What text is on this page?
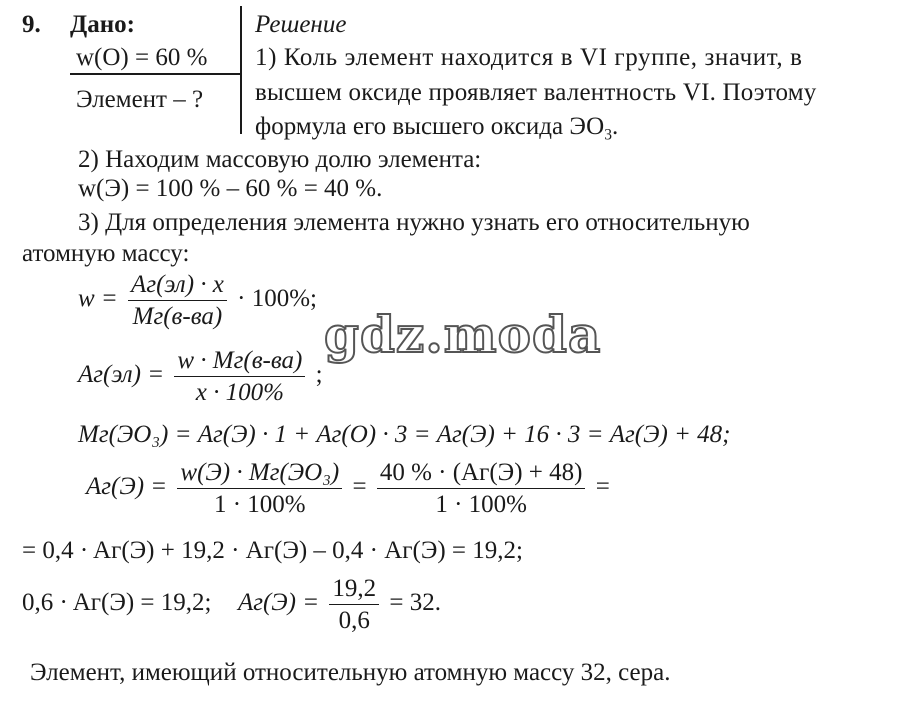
9. Дано:
w(O) = 60 %
Элемент – ?
Решение
1) Коль элемент находится в VI группе, значит, в
высшем оксиде проявляет валентность VI. Поэтому
формула его высшего оксида $ЭО_3$.
2) Находим массовую долю элемента:
w(Э) = 100 % – 60 % = 40 %.
3) Для определения элемента нужно узнать его относительную
атомную массу:
$w = \frac{Aг(эл) \cdot x}{Mг(в-ва)} \cdot 100\%$;
$Aг(эл) = \frac{w \cdot Mг(в-ва)}{x \cdot 100\%}$ ;
Mг(ЭО₃) = Aг(Э) · 1 + Aг(О) · 3 = Aг(Э) + 16 · 3 = Aг(Э) + 48;
$Aг(Э) = \frac{\text{w(Э) · Mг(ЭО₃)}}{1 \cdot 100\%} = \frac{40 \% \cdot (Aг(Э) + 48)}{1 \cdot 100\%}$ =
= 0,4 · Aг(Э) + 19,2 · Aг(Э) – 0,4 · Aг(Э) = 19,2;
0,6 · Aг(Э) = 19,2; $Aг(Э) = \frac{19,2}{0,6} = 32$.
Элемент, имеющий относительную атомную массу 32, сера.
gdz.moda
